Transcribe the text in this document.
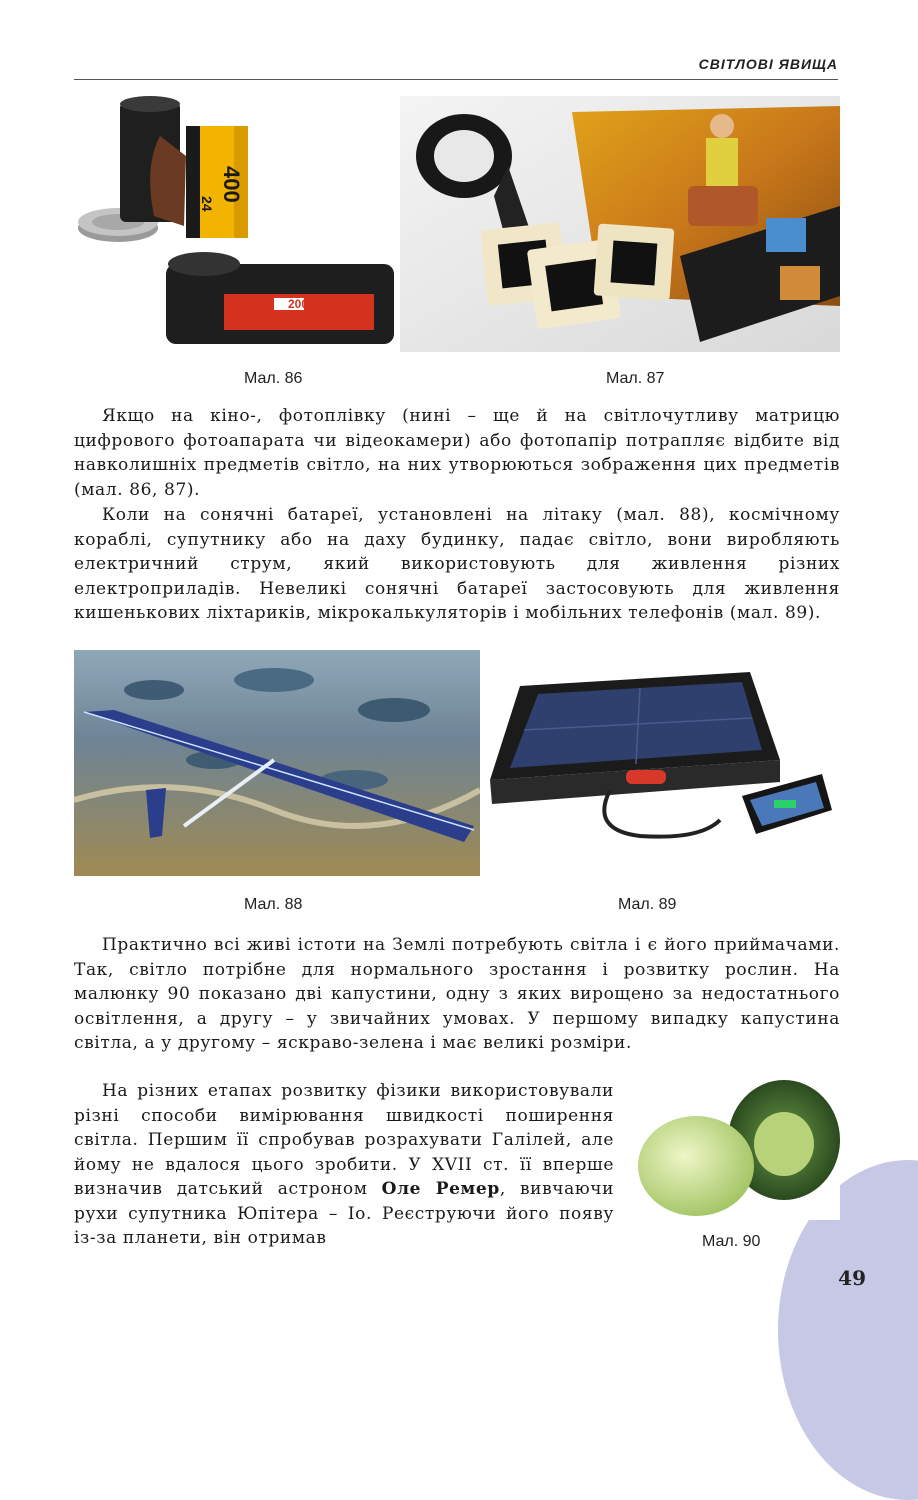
СВІТЛОВІ ЯВИЩА
400
24
200
Мал. 86	Мал. 87

Якщо на кіно-, фотоплівку (нині – ще й на світлочутливу матрицю цифрового фотоапарата чи відеокамери) або фотопапір потрапляє відбите від навколишніх предметів світло, на них утворюються зображення цих предметів (мал. 86, 87).

Коли на сонячні батареї, установлені на літаку (мал. 88), космічному кораблі, супутнику або на даху будинку, падає світло, вони виробляють електричний струм, який використовують для живлення різних електроприладів. Невеликі сонячні батареї застосовують для живлення кишенькових ліхтариків, мікрокалькуляторів і мобільних телефонів (мал. 89).

Мал. 88	Мал. 89

Практично всі живі істоти на Землі потребують світла і є його приймачами. Так, світло потрібне для нормального зростання і розвитку рослин. На малюнку 90 показано дві капустини, одну з яких вирощено за недостатнього освітлення, а другу – у звичайних умовах. У першому випадку капустина світла, а у другому – яскраво-зелена і має великі розміри.

На різних етапах розвитку фізики використовували різні способи вимірювання швидкості поширення світла. Першим її спробував розрахувати Галілей, але йому не вдалося цього зробити. У XVII ст. її вперше визначив датський астроном Оле Ремер, вивчаючи рухи супутника Юпітера – Іо. Реєструючи його появу із-за планети, він отримав	Мал. 90
49
